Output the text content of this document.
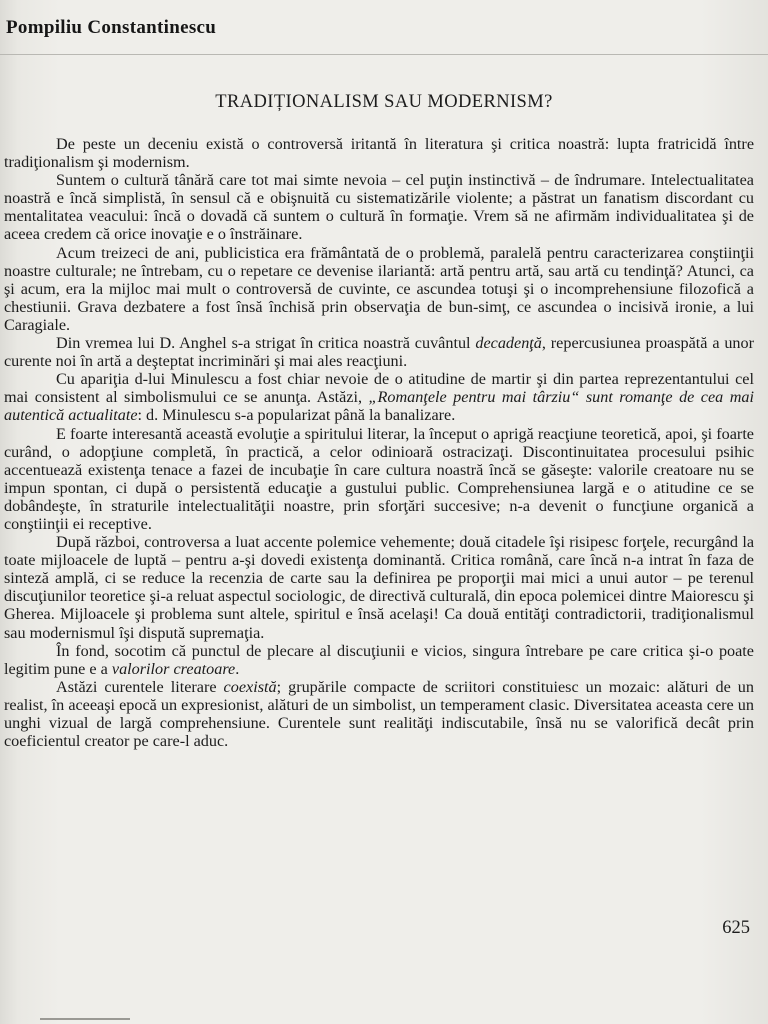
Pompiliu Constantinescu
TRADIȚIONALISM SAU MODERNISM?

De peste un deceniu există o controversă iritantă în literatura şi critica noastră: lupta fratricidă între tradiţionalism şi modernism.

Suntem o cultură tânără care tot mai simte nevoia – cel puţin instinctivă – de îndrumare. Intelectualitatea noastră e încă simplistă, în sensul că e obişnuită cu sistematizările violente; a păstrat un fanatism discordant cu mentalitatea veacului: încă o dovadă că suntem o cultură în formaţie. Vrem să ne afirmăm individualitatea şi de aceea credem că orice inovaţie e o înstrăinare.

Acum treizeci de ani, publicistica era frământată de o problemă, paralelă pentru caracterizarea conştiinţii noastre culturale; ne întrebam, cu o repetare ce devenise ilariantă: artă pentru artă, sau artă cu tendinţă? Atunci, ca şi acum, era la mijloc mai mult o controversă de cuvinte, ce ascundea totuşi şi o incomprehensiune filozofică a chestiunii. Grava dezbatere a fost însă închisă prin observaţia de bun-simţ, ce ascundea o incisivă ironie, a lui Caragiale.

Din vremea lui D. Anghel s-a strigat în critica noastră cuvântul decadenţă, repercusiunea proaspătă a unor curente noi în artă a deşteptat incriminări şi mai ales reacţiuni.

Cu apariţia d-lui Minulescu a fost chiar nevoie de o atitudine de martir şi din partea reprezentantului cel mai consistent al simbolismului ce se anunţa. Astăzi, „Romanţele pentru mai târziu“ sunt romanţe de cea mai autentică actualitate: d. Minulescu s-a popularizat până la banalizare.

E foarte interesantă această evoluţie a spiritului literar, la început o aprigă reacţiune teoretică, apoi, şi foarte curând, o adopţiune completă, în practică, a celor odinioară ostracizaţi. Discontinuitatea procesului psihic accentuează existenţa tenace a fazei de incubaţie în care cultura noastră încă se găseşte: valorile creatoare nu se impun spontan, ci după o persistentă educaţie a gustului public. Comprehensiunea largă e o atitudine ce se dobândeşte, în straturile intelectualităţii noastre, prin sforţări succesive; n-a devenit o funcţiune organică a conştiinţii ei receptive.

După război, controversa a luat accente polemice vehemente; două citadele îşi risipesc forţele, recurgând la toate mijloacele de luptă – pentru a-şi dovedi existenţa dominantă. Critica română, care încă n-a intrat în faza de sinteză amplă, ci se reduce la recenzia de carte sau la definirea pe proporţii mai mici a unui autor – pe terenul discuţiunilor teoretice şi-a reluat aspectul sociologic, de directivă culturală, din epoca polemicei dintre Maiorescu şi Gherea. Mijloacele şi problema sunt altele, spiritul e însă acelaşi! Ca două entităţi contradictorii, tradiţionalismul sau modernismul îşi dispută supremaţia.

În fond, socotim că punctul de plecare al discuţiunii e vicios, singura întrebare pe care critica şi-o poate legitim pune e a valorilor creatoare.

Astăzi curentele literare coexistă; grupările compacte de scriitori constituiesc un mozaic: alături de un realist, în aceeaşi epocă un expresionist, alături de un simbolist, un temperament clasic. Diversitatea aceasta cere un unghi vizual de largă comprehensiune. Curentele sunt realităţi indiscutabile, însă nu se valorifică decât prin coeficientul creator pe care-l aduc.

625
